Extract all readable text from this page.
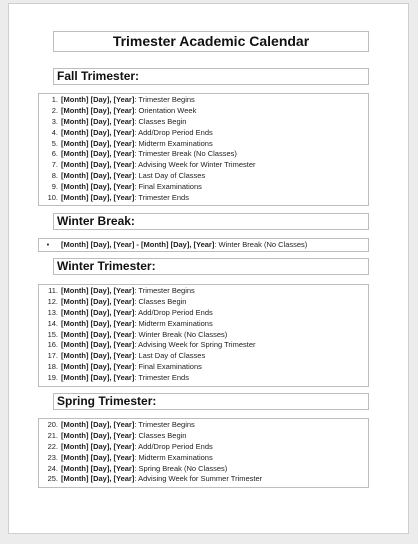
Trimester Academic Calendar
Fall Trimester:
1. [Month] [Day], [Year]: Trimester Begins
2. [Month] [Day], [Year]: Orientation Week
3. [Month] [Day], [Year]: Classes Begin
4. [Month] [Day], [Year]: Add/Drop Period Ends
5. [Month] [Day], [Year]: Midterm Examinations
6. [Month] [Day], [Year]: Trimester Break (No Classes)
7. [Month] [Day], [Year]: Advising Week for Winter Trimester
8. [Month] [Day], [Year]: Last Day of Classes
9. [Month] [Day], [Year]: Final Examinations
10. [Month] [Day], [Year]: Trimester Ends
Winter Break:
• [Month] [Day], [Year] - [Month] [Day], [Year]: Winter Break (No Classes)
Winter Trimester:
11. [Month] [Day], [Year]: Trimester Begins
12. [Month] [Day], [Year]: Classes Begin
13. [Month] [Day], [Year]: Add/Drop Period Ends
14. [Month] [Day], [Year]: Midterm Examinations
15. [Month] [Day], [Year]: Winter Break (No Classes)
16. [Month] [Day], [Year]: Advising Week for Spring Trimester
17. [Month] [Day], [Year]: Last Day of Classes
18. [Month] [Day], [Year]: Final Examinations
19. [Month] [Day], [Year]: Trimester Ends
Spring Trimester:
20. [Month] [Day], [Year]: Trimester Begins
21. [Month] [Day], [Year]: Classes Begin
22. [Month] [Day], [Year]: Add/Drop Period Ends
23. [Month] [Day], [Year]: Midterm Examinations
24. [Month] [Day], [Year]: Spring Break (No Classes)
25. [Month] [Day], [Year]: Advising Week for Summer Trimester
